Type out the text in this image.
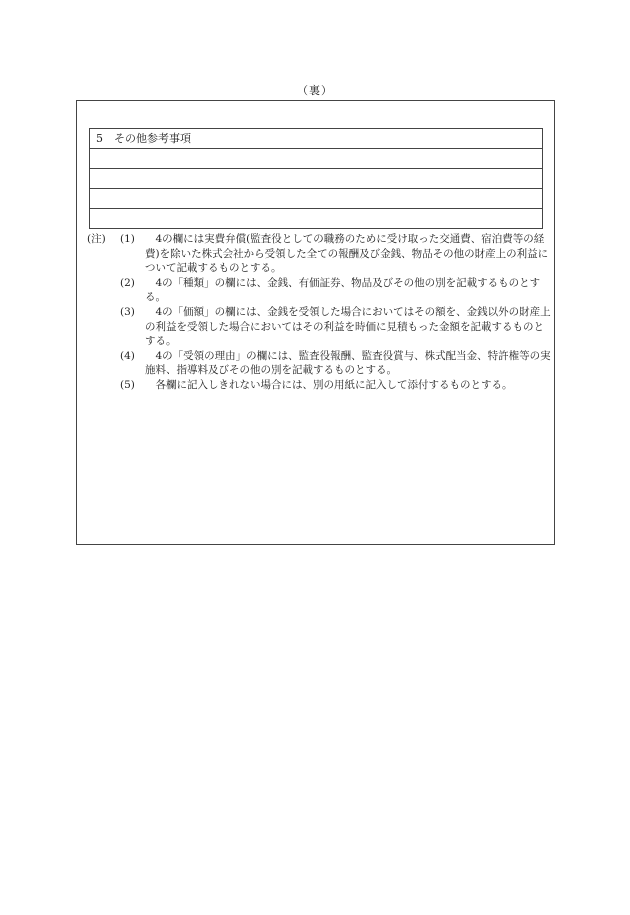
（裏）
5　その他参考事項

(注)	(1) 　4の欄には実費弁償(監査役としての職務のために受け取った交通費、宿泊費等の経費)を除いた株式会社から受領した全ての報酬及び金銭、物品その他の財産上の利益について記載するものとする。
(2) 　4の「種類」の欄には、金銭、有価証券、物品及びその他の別を記載するものとする。
(3) 　4の「価額」の欄には、金銭を受領した場合においてはその額を、金銭以外の財産上の利益を受領した場合においてはその利益を時価に見積もった金額を記載するものとする。
(4) 　4の「受領の理由」の欄には、監査役報酬、監査役賞与、株式配当金、特許権等の実施料、指導料及びその他の別を記載するものとする。
(5) 　各欄に記入しきれない場合には、別の用紙に記入して添付するものとする。
